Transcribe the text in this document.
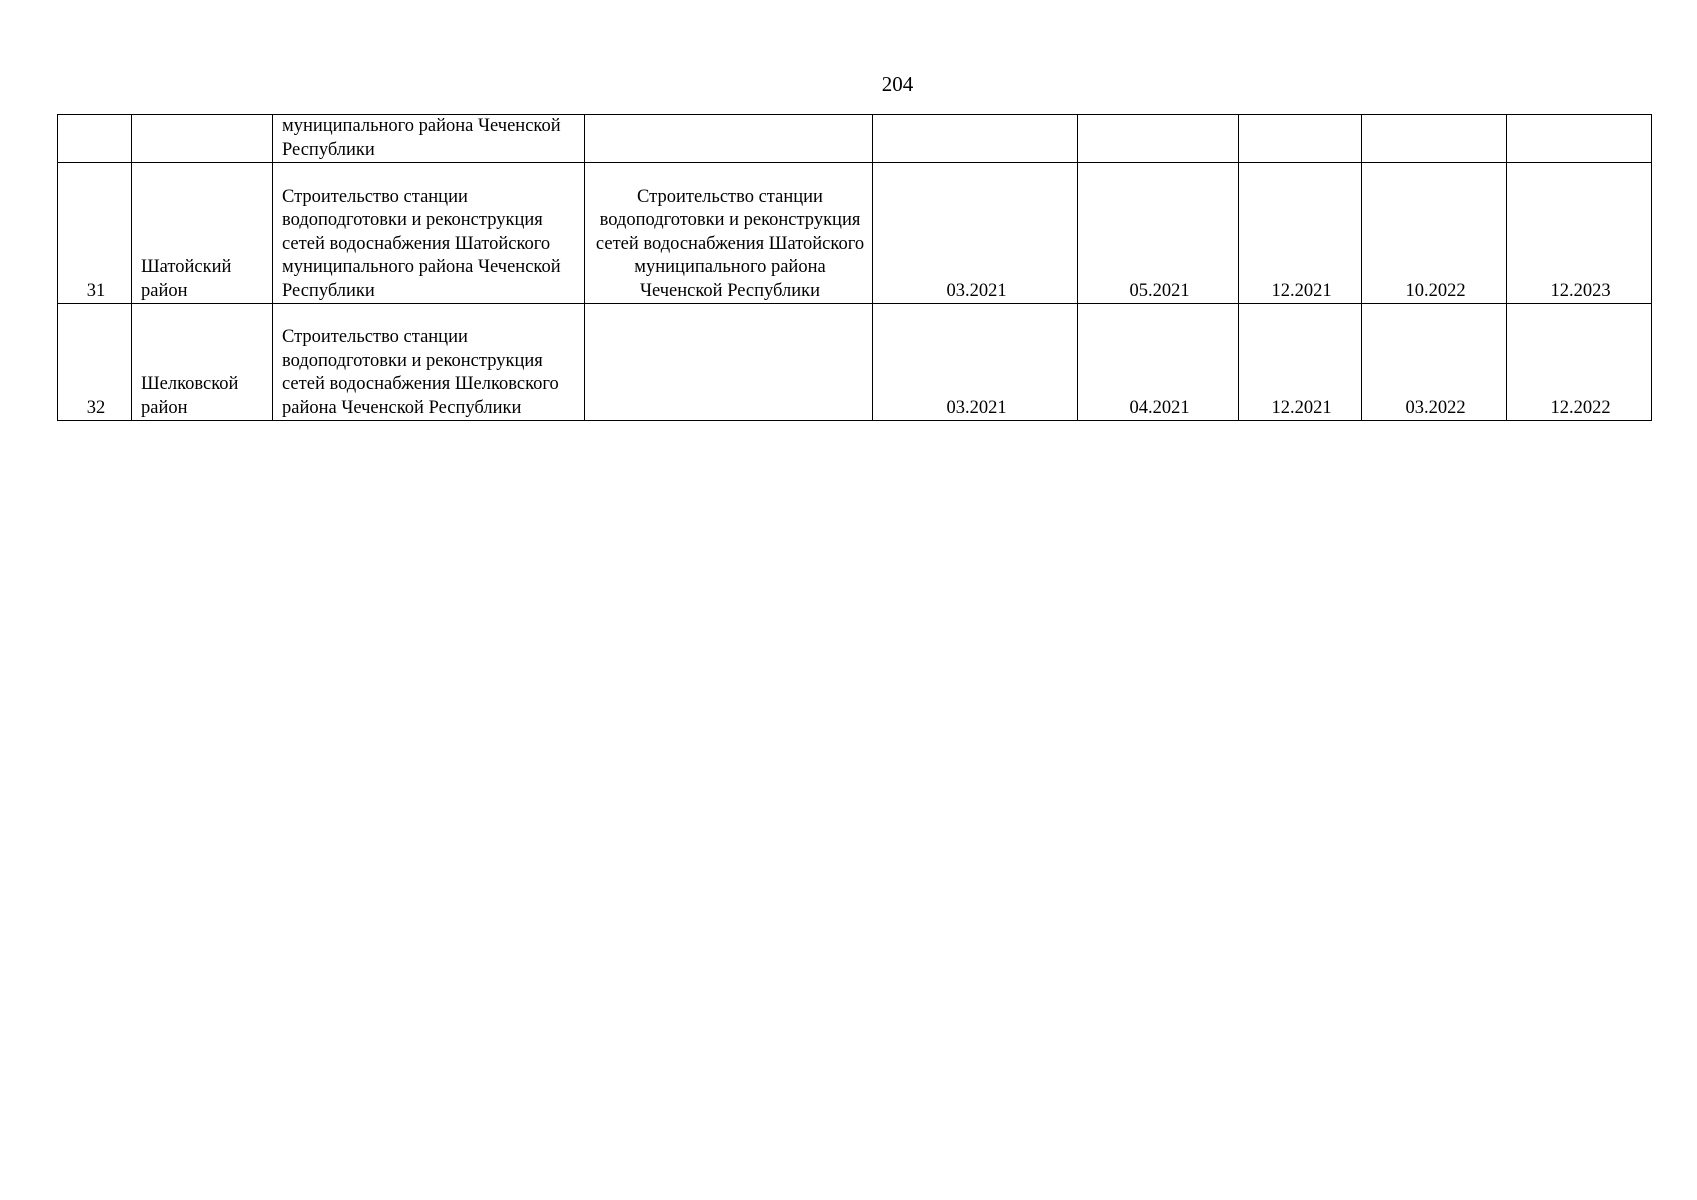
204
		муниципального района Чеченской Республики						
31	Шатойский район	Строительство станции водоподготовки и реконструкция сетей водоснабжения Шатойского муниципального района Чеченской Республики	Строительство станции водоподготовки и реконструкция сетей водоснабжения Шатойского муниципального района Чеченской Республики	03.2021	05.2021	12.2021	10.2022	12.2023
32	Шелковской район	Строительство станции водоподготовки и реконструкция сетей водоснабжения Шелковского района Чеченской Республики		03.2021	04.2021	12.2021	03.2022	12.2022
